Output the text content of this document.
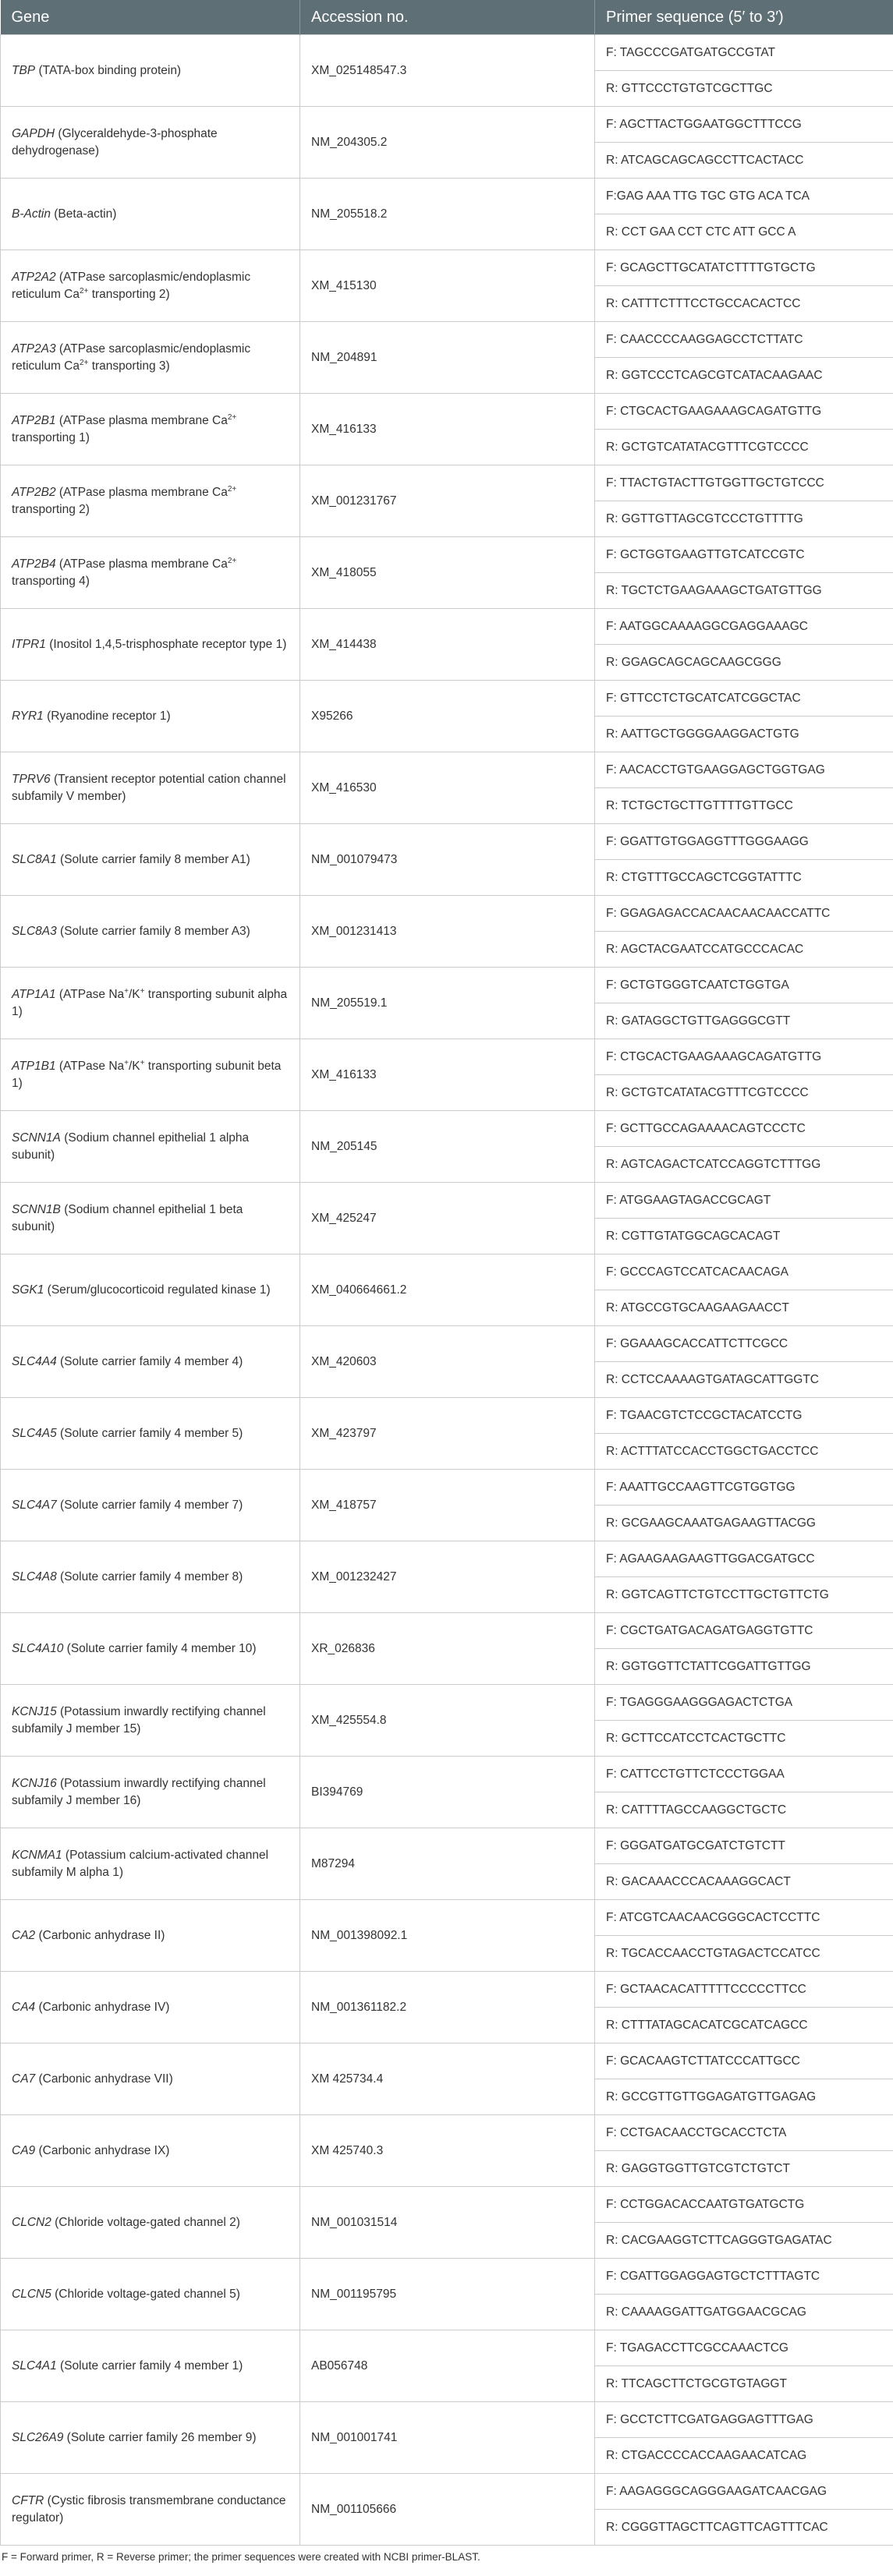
Gene	Accession no.	Primer sequence (5′ to 3′)
TBP (TATA-box binding protein)	XM_025148547.3	F: TAGCCCGATGATGCCGTAT
		R: GTTCCCTGTGTCGCTTGC
GAPDH (Glyceraldehyde-3-phosphate dehydrogenase)	NM_204305.2	F: AGCTTACTGGAATGGCTTTCCG
		R: ATCAGCAGCAGCCTTCACTACC
B-Actin (Beta-actin)	NM_205518.2	F:GAG AAA TTG TGC GTG ACA TCA
		R: CCT GAA CCT CTC ATT GCC A
ATP2A2 (ATPase sarcoplasmic/endoplasmic reticulum $Ca^{2+}$ transporting 2)	XM_415130	F: GCAGCTTGCATATCTTTTGTGCTG
		R: CATTTCTTTCCTGCCACACTCC
ATP2A3 (ATPase sarcoplasmic/endoplasmic reticulum $Ca^{2+}$ transporting 3)	NM_204891	F: CAACCCCAAGGAGCCTCTTATC
		R: GGTCCCTCAGCGTCATACAAGAAC
ATP2B1 (ATPase plasma membrane $Ca^{2+}$ transporting 1)	XM_416133	F: CTGCACTGAAGAAAGCAGATGTTG
		R: GCTGTCATATACGTTTCGTCCCC
ATP2B2 (ATPase plasma membrane $Ca^{2+}$ transporting 2)	XM_001231767	F: TTACTGTACTTGTGGTTGCTGTCCC
		R: GGTTGTTAGCGTCCCTGTTTTG
ATP2B4 (ATPase plasma membrane $Ca^{2+}$ transporting 4)	XM_418055	F: GCTGGTGAAGTTGTCATCCGTC
		R: TGCTCTGAAGAAAGCTGATGTTGG
ITPR1 (Inositol 1,4,5-trisphosphate receptor type 1)	XM_414438	F: AATGGCAAAAGGCGAGGAAAGC
		R: GGAGCAGCAGCAAGCGGG
RYR1 (Ryanodine receptor 1)	X95266	F: GTTCCTCTGCATCATCGGCTAC
		R: AATTGCTGGGGAAGGACTGTG
TPRV6 (Transient receptor potential cation channel subfamily V member)	XM_416530	F: AACACCTGTGAAGGAGCTGGTGAG
		R: TCTGCTGCTTGTTTTGTTGCC
SLC8A1 (Solute carrier family 8 member A1)	NM_001079473	F: GGATTGTGGAGGTTTGGGAAGG
		R: CTGTTTGCCAGCTCGGTATTTC
SLC8A3 (Solute carrier family 8 member A3)	XM_001231413	F: GGAGAGACCACAACAACAACCATTC
		R: AGCTACGAATCCATGCCCACAC
ATP1A1 (ATPase Na+/K+ transporting subunit alpha 1)	NM_205519.1	F: GCTGTGGGTCAATCTGGTGA
		R: GATAGGCTGTTGAGGGCGTT
ATP1B1 (ATPase Na+/K+ transporting subunit beta 1)	XM_416133	F: CTGCACTGAAGAAAGCAGATGTTG
		R: GCTGTCATATACGTTTCGTCCCC
SCNN1A (Sodium channel epithelial 1 alpha subunit)	NM_205145	F: GCTTGCCAGAAAACAGTCCCTC
		R: AGTCAGACTCATCCAGGTCTTTGG
SCNN1B (Sodium channel epithelial 1 beta subunit)	XM_425247	F: ATGGAAGTAGACCGCAGT
		R: CGTTGTATGGCAGCACAGT
SGK1 (Serum/glucocorticoid regulated kinase 1)	XM_040664661.2	F: GCCCAGTCCATCACAACAGA
		R: ATGCCGTGCAAGAAGAACCT
SLC4A4 (Solute carrier family 4 member 4)	XM_420603	F: GGAAAGCACCATTCTTCGCC
		R: CCTCCAAAAGTGATAGCATTGGTC
SLC4A5 (Solute carrier family 4 member 5)	XM_423797	F: TGAACGTCTCCGCTACATCCTG
		R: ACTTTATCCACCTGGCTGACCTCC
SLC4A7 (Solute carrier family 4 member 7)	XM_418757	F: AAATTGCCAAGTTCGTGGTGG
		R: GCGAAGCAAATGAGAAGTTACGG
SLC4A8 (Solute carrier family 4 member 8)	XM_001232427	F: AGAAGAAGAAGTTGGACGATGCC
		R: GGTCAGTTCTGTCCTTGCTGTTCTG
SLC4A10 (Solute carrier family 4 member 10)	XR_026836	F: CGCTGATGACAGATGAGGTGTTC
		R: GGTGGTTCTATTCGGATTGTTGG
KCNJ15 (Potassium inwardly rectifying channel subfamily J member 15)	XM_425554.8	F: TGAGGGAAGGGAGACTCTGA
		R: GCTTCCATCCTCACTGCTTC
KCNJ16 (Potassium inwardly rectifying channel subfamily J member 16)	BI394769	F: CATTCCTGTTCTCCCTGGAA
		R: CATTTTAGCCAAGGCTGCTC
KCNMA1 (Potassium calcium-activated channel subfamily M alpha 1)	M87294	F: GGGATGATGCGATCTGTCTT
		R: GACAAACCCACAAAGGCACT
CA2 (Carbonic anhydrase II)	NM_001398092.1	F: ATCGTCAACAACGGGCACTCCTTC
		R: TGCACCAACCTGTAGACTCCATCC
CA4 (Carbonic anhydrase IV)	NM_001361182.2	F: GCTAACACATTTTTCCCCCTTCC
		R: CTTTATAGCACATCGCATCAGCC
CA7 (Carbonic anhydrase VII)	XM 425734.4	F: GCACAAGTCTTATCCCATTGCC
		R: GCCGTTGTTGGAGATGTTGAGAG
CA9 (Carbonic anhydrase IX)	XM 425740.3	F: CCTGACAACCTGCACCTCTA
		R: GAGGTGGTTGTCGTCTGTCT
CLCN2 (Chloride voltage-gated channel 2)	NM_001031514	F: CCTGGACACCAATGTGATGCTG
		R: CACGAAGGTCTTCAGGGTGAGATAC
CLCN5 (Chloride voltage-gated channel 5)	NM_001195795	F: CGATTGGAGGAGTGCTCTTTAGTC
		R: CAAAAGGATTGATGGAACGCAG
SLC4A1 (Solute carrier family 4 member 1)	AB056748	F: TGAGACCTTCGCCAAACTCG
		R: TTCAGCTTCTGCGTGTAGGT
SLC26A9 (Solute carrier family 26 member 9)	NM_001001741	F: GCCTCTTCGATGAGGAGTTTGAG
		R: CTGACCCCACCAAGAACATCAG
CFTR (Cystic fibrosis transmembrane conductance regulator)	NM_001105666	F: AAGAGGGCAGGGAAGATCAACGAG
		R: CGGGTTAGCTTCAGTTCAGTTTCAC
F = Forward primer, R = Reverse primer; the primer sequences were created with NCBI primer-BLAST.
